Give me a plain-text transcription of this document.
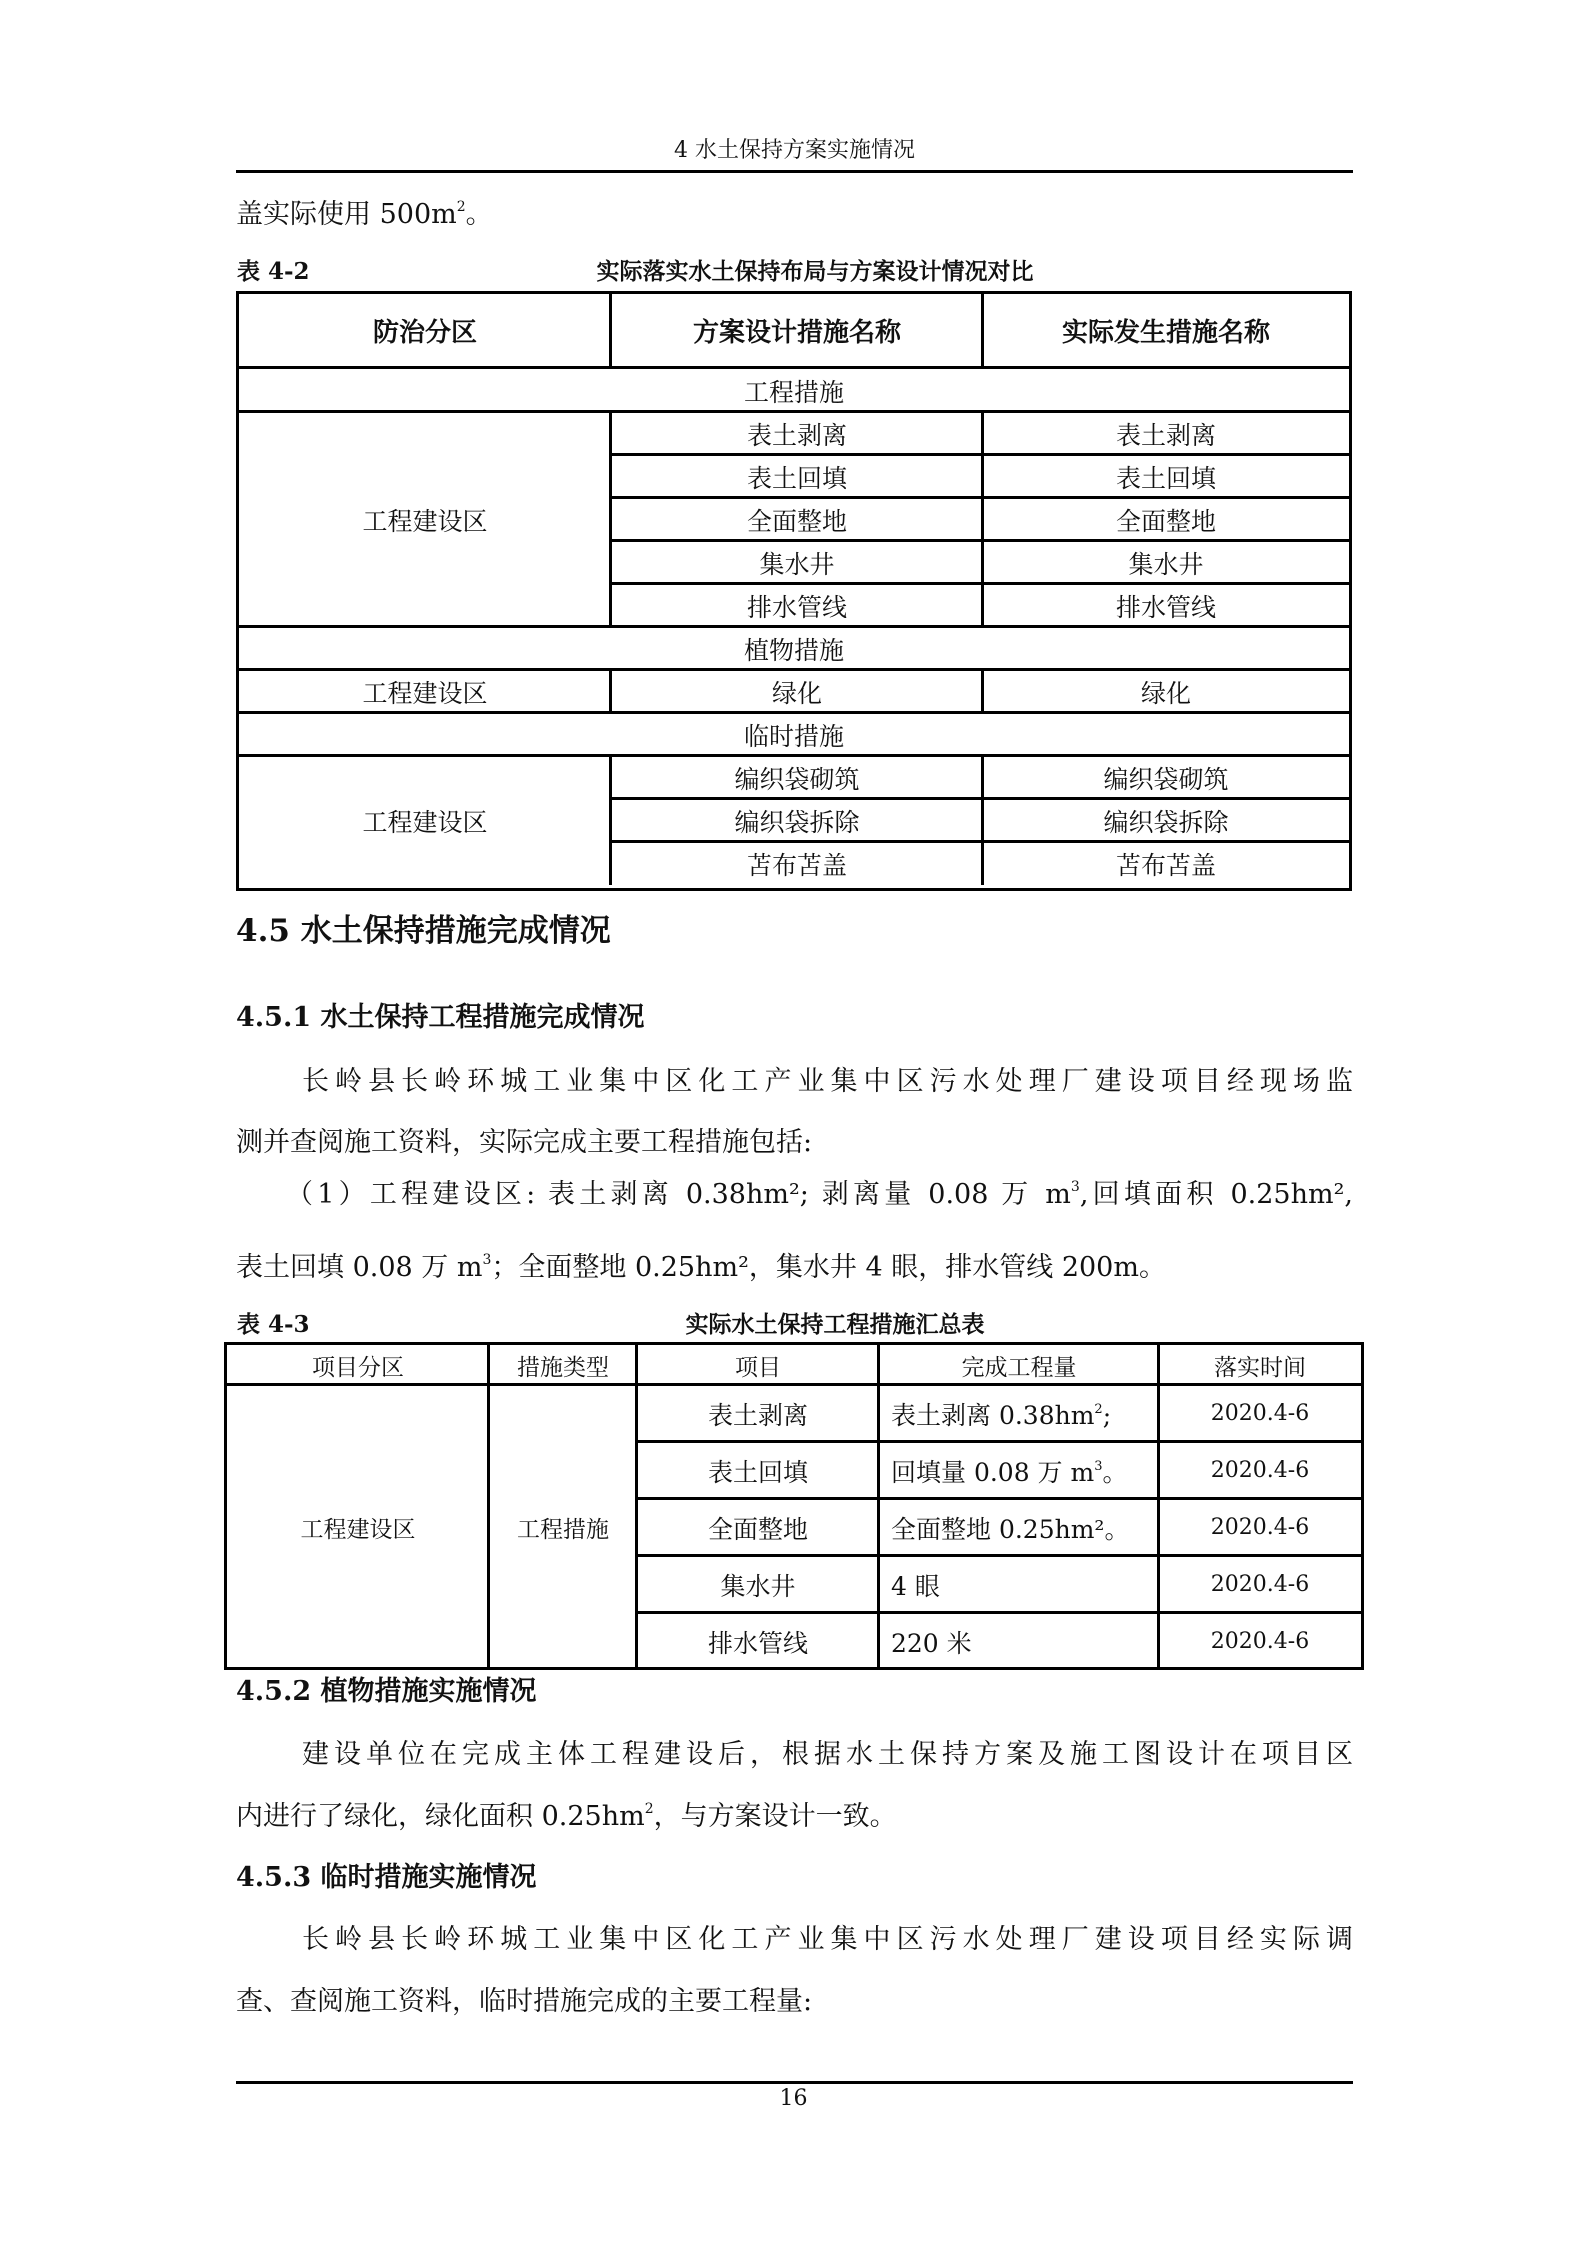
4 水土保持方案实施情况
盖实际使用 $500m^2$。
表 4-2	实际落实水土保持布局与方案设计情况对比
防治分区	方案设计措施名称	实际发生措施名称
工程措施
表土剥离	表土剥离
表土回填	表土回填
全面整地	全面整地
集水井	集水井
排水管线	排水管线
工程建设区
植物措施
绿化	绿化
工程建设区
临时措施
编织袋砌筑	编织袋砌筑
编织袋拆除	编织袋拆除
苫布苫盖	苫布苫盖
工程建设区
4.5 水土保持措施完成情况
4.5.1 水土保持工程措施完成情况
长岭县长岭环城工业集中区化工产业集中区污水处理厂建设项目经现场监
测并查阅施工资料，实际完成主要工程措施包括:
（1）工程建设区: 表土剥离 0.38hm²; 剥离量 0.08 万 $m^3$,回填面积 0.25hm²,
表土回填 0.08 万 $m^3$；全面整地 0.25hm²，集水井 4 眼，排水管线 200m。
表 4-3	实际水土保持工程措施汇总表
项目分区	措施类型	项目	完成工程量	落实时间
工程建设区	工程措施
表土剥离	表土剥离 $0.38hm^2$;	2020.4-6
表土回填	回填量 0.08 万 $m^3$。	2020.4-6
全面整地	全面整地 0.25hm²。	2020.4-6
集水井	4 眼	2020.4-6
排水管线	220 米	2020.4-6
4.5.2 植物措施实施情况
建设单位在完成主体工程建设后，根据水土保持方案及施工图设计在项目区
内进行了绿化，绿化面积 $0.25hm^2$，与方案设计一致。
4.5.3 临时措施实施情况
长岭县长岭环城工业集中区化工产业集中区污水处理厂建设项目经实际调
查、查阅施工资料，临时措施完成的主要工程量:
16
